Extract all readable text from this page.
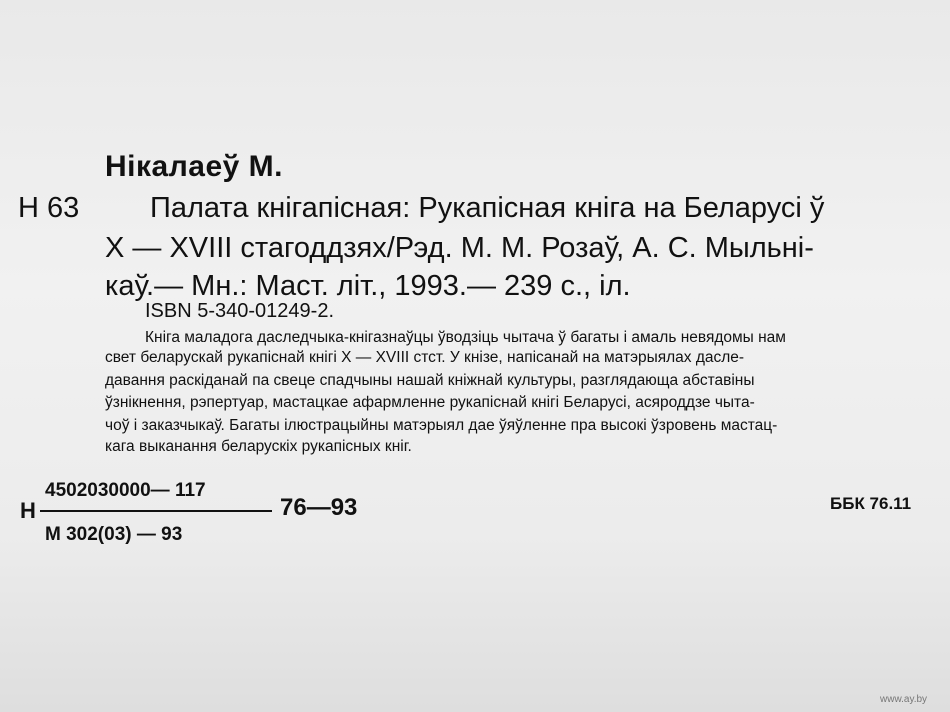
Нікалаеў М.
Н 63 Палата кнігапісная: Рукапісная кніга на Беларусі ў
X — XVIII стагоддзях/Рэд. М. М. Розаў, А. С. Мыльні-
каў.— Мн.: Маст. літ., 1993.— 239 с., іл.
ISBN 5-340-01249-2.
Кніга маладога даследчыка-кнігазнаўцы ўводзіць чытача ў багаты і амаль невядомы нам
свет беларускай рукапіснай кнігі X — XVIII стст. У кнізе, напісанай на матэрыялах дасле-
давання раскіданай па свеце спадчыны нашай кніжнай культуры, разглядающа абставіны
ўзнікнення, рэпертуар, мастацкае афармленне рукапіснай кнігі Беларусі, асяроддзе чыта-
чоў і заказчыкаў. Багаты ілюстрацыйны матэрыял дае ўяўленне пра высокі ўзровень мастац-
кага выканання беларускіх рукапісных кніг.
4502030000— 117
Н	76—93
М 302(03) — 93
ББК 76.11
www.ay.by
